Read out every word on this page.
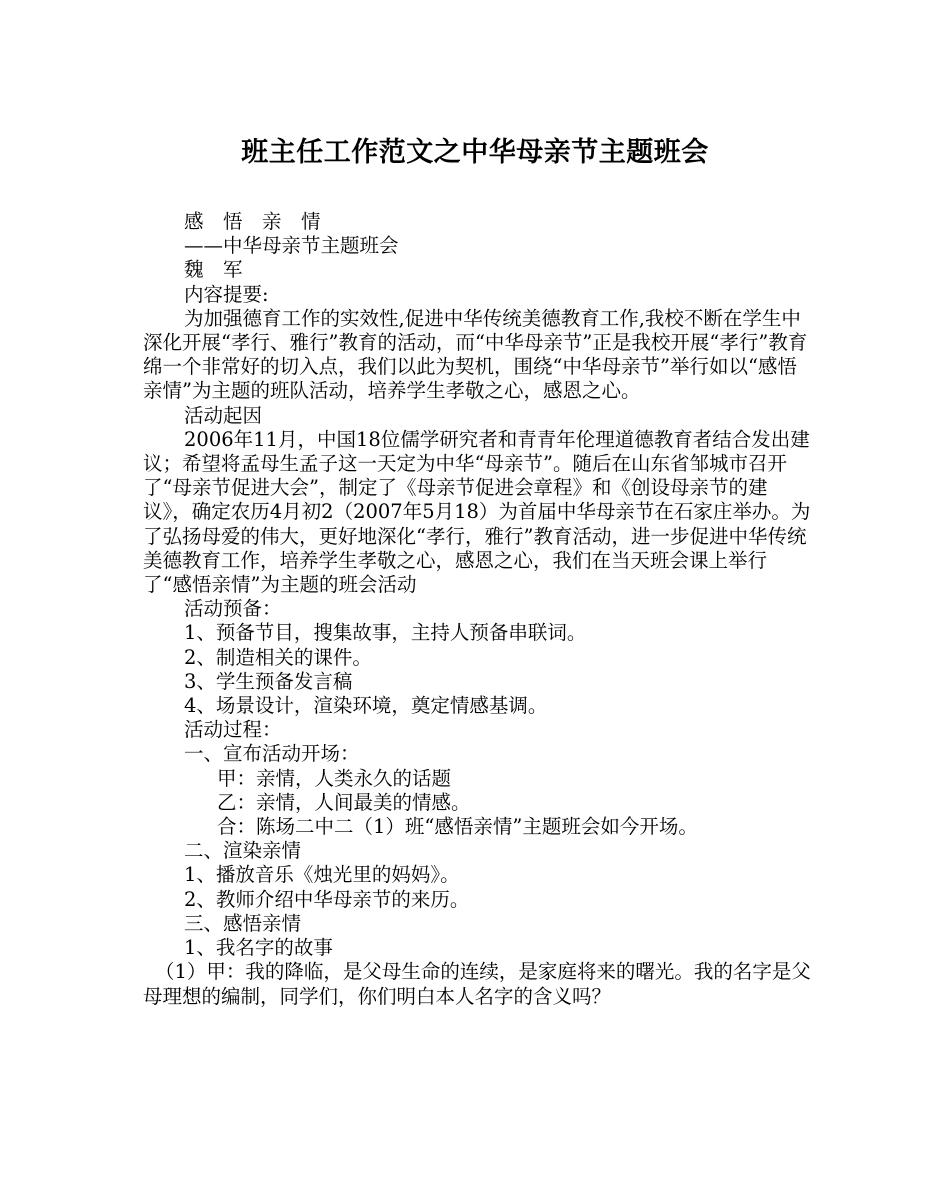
班主任工作范文之中华母亲节主题班会

感　悟　亲　情

——中华母亲节主题班会

魏　军

内容提要:

为加强德育工作的实效性,促进中华传统美德教育工作,我校不断在学生中深化开展“孝行、雅行”教育的活动，而“中华母亲节”正是我校开展“孝行”教育绵一个非常好的切入点，我们以此为契机，围绕“中华母亲节”举行如以“感悟亲情”为主题的班队活动，培养学生孝敬之心，感恩之心。

活动起因

2006年11月，中国18位儒学研究者和青青年伦理道德教育者结合发出建议；希望将孟母生孟子这一天定为中华“母亲节”。随后在山东省邹城市召开了“母亲节促进大会”，制定了《母亲节促进会章程》和《创设母亲节的建议》，确定农历4月初2（2007年5月18）为首届中华母亲节在石家庄举办。为了弘扬母爱的伟大，更好地深化“孝行，雅行”教育活动，进一步促进中华传统美德教育工作，培养学生孝敬之心，感恩之心，我们在当天班会课上举行了“感悟亲情”为主题的班会活动

活动预备：

1、预备节目，搜集故事，主持人预备串联词。

2、制造相关的课件。

3、学生预备发言稿

4、场景设计，渲染环境，奠定情感基调。

活动过程：

一、宣布活动开场：

甲：亲情，人类永久的话题

乙：亲情，人间最美的情感。

合：陈场二中二（1）班“感悟亲情”主题班会如今开场。

二、渲染亲情

1、播放音乐《烛光里的妈妈》。

2、教师介绍中华母亲节的来历。

三、感悟亲情

1、我名字的故事

（1）甲：我的降临，是父母生命的连续，是家庭将来的曙光。我的名字是父母理想的编制，同学们，你们明白本人名字的含义吗？
